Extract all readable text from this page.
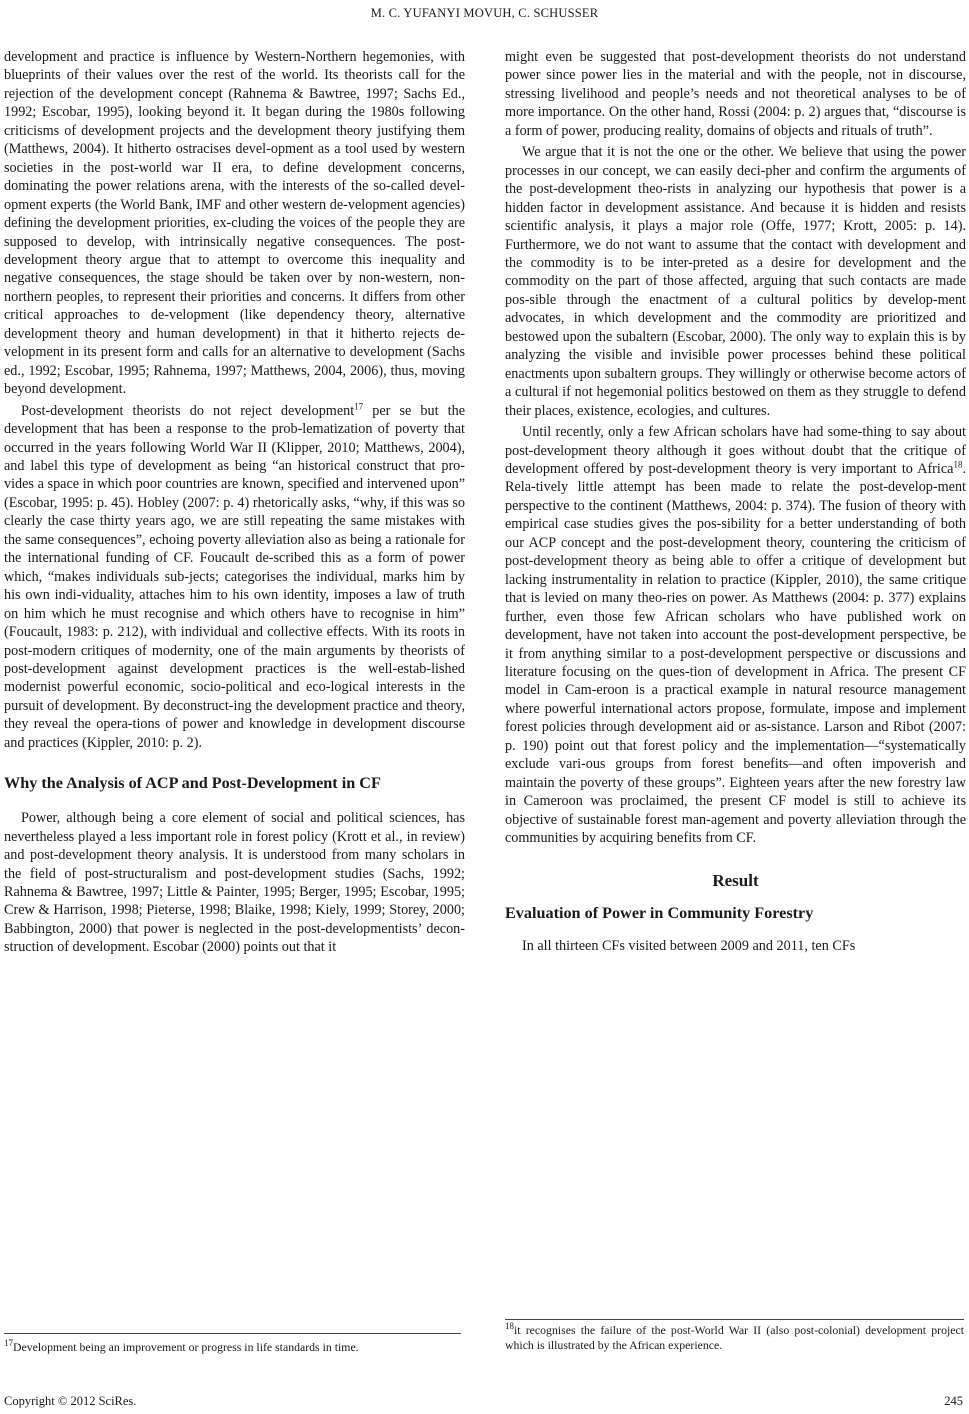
M. C. YUFANYI MOVUH, C. SCHUSSER

development and practice is influence by Western-Northern hegemonies, with blueprints of their values over the rest of the world. Its theorists call for the rejection of the development concept (Rahnema & Bawtree, 1997; Sachs Ed., 1992; Escobar, 1995), looking beyond it. It began during the 1980s following criticisms of development projects and the development theory justifying them (Matthews, 2004). It hitherto ostracises devel-opment as a tool used by western societies in the post-world war II era, to define development concerns, dominating the power relations arena, with the interests of the so-called devel-opment experts (the World Bank, IMF and other western de-velopment agencies) defining the development priorities, ex-cluding the voices of the people they are supposed to develop, with intrinsically negative consequences. The post-development theory argue that to attempt to overcome this inequality and negative consequences, the stage should be taken over by non-western, non-northern peoples, to represent their priorities and concerns. It differs from other critical approaches to de-velopment (like dependency theory, alternative development theory and human development) in that it hitherto rejects de-velopment in its present form and calls for an alternative to development (Sachs ed., 1992; Escobar, 1995; Rahnema, 1997; Matthews, 2004, 2006), thus, moving beyond development.

Post-development theorists do not reject development$^{17}$ per se but the development that has been a response to the prob-lematization of poverty that occurred in the years following World War II (Klipper, 2010; Matthews, 2004), and label this type of development as being “an historical construct that pro-vides a space in which poor countries are known, specified and intervened upon” (Escobar, 1995: p. 45). Hobley (2007: p. 4) rhetorically asks, “why, if this was so clearly the case thirty years ago, we are still repeating the same mistakes with the same consequences”, echoing poverty alleviation also as being a rationale for the international funding of CF. Foucault de-scribed this as a form of power which, “makes individuals sub-jects; categorises the individual, marks him by his own indi-viduality, attaches him to his own identity, imposes a law of truth on him which he must recognise and which others have to recognise in him” (Foucault, 1983: p. 212), with individual and collective effects. With its roots in post-modern critiques of modernity, one of the main arguments by theorists of post-development against development practices is the well-estab-lished modernist powerful economic, socio-political and eco-logical interests in the pursuit of development. By deconstruct-ing the development practice and theory, they reveal the opera-tions of power and knowledge in development discourse and practices (Kippler, 2010: p. 2).

Why the Analysis of ACP and Post-Development in CF

Power, although being a core element of social and political sciences, has nevertheless played a less important role in forest policy (Krott et al., in review) and post-development theory analysis. It is understood from many scholars in the field of post-structuralism and post-development studies (Sachs, 1992; Rahnema & Bawtree, 1997; Little & Painter, 1995; Berger, 1995; Escobar, 1995; Crew & Harrison, 1998; Pieterse, 1998; Blaike, 1998; Kiely, 1999; Storey, 2000; Babbington, 2000) that power is neglected in the post-developmentists’ decon-struction of development. Escobar (2000) points out that it

might even be suggested that post-development theorists do not understand power since power lies in the material and with the people, not in discourse, stressing livelihood and people’s needs and not theoretical analyses to be of more importance. On the other hand, Rossi (2004: p. 2) argues that, “discourse is a form of power, producing reality, domains of objects and rituals of truth”.

We argue that it is not the one or the other. We believe that using the power processes in our concept, we can easily deci-pher and confirm the arguments of the post-development theo-rists in analyzing our hypothesis that power is a hidden factor in development assistance. And because it is hidden and resists scientific analysis, it plays a major role (Offe, 1977; Krott, 2005: p. 14). Furthermore, we do not want to assume that the contact with development and the commodity is to be inter-preted as a desire for development and the commodity on the part of those affected, arguing that such contacts are made pos-sible through the enactment of a cultural politics by develop-ment advocates, in which development and the commodity are prioritized and bestowed upon the subaltern (Escobar, 2000). The only way to explain this is by analyzing the visible and invisible power processes behind these political enactments upon subaltern groups. They willingly or otherwise become actors of a cultural if not hegemonial politics bestowed on them as they struggle to defend their places, existence, ecologies, and cultures.

Until recently, only a few African scholars have had some-thing to say about post-development theory although it goes without doubt that the critique of development offered by post-development theory is very important to Africa$^{18}$. Rela-tively little attempt has been made to relate the post-develop-ment perspective to the continent (Matthews, 2004: p. 374). The fusion of theory with empirical case studies gives the pos-sibility for a better understanding of both our ACP concept and the post-development theory, countering the criticism of post-development theory as being able to offer a critique of development but lacking instrumentality in relation to practice (Kippler, 2010), the same critique that is levied on many theo-ries on power. As Matthews (2004: p. 377) explains further, even those few African scholars who have published work on development, have not taken into account the post-development perspective, be it from anything similar to a post-development perspective or discussions and literature focusing on the ques-tion of development in Africa. The present CF model in Cam-eroon is a practical example in natural resource management where powerful international actors propose, formulate, impose and implement forest policies through development aid or as-sistance. Larson and Ribot (2007: p. 190) point out that forest policy and the implementation―“systematically exclude vari-ous groups from forest benefits―and often impoverish and maintain the poverty of these groups”. Eighteen years after the new forestry law in Cameroon was proclaimed, the present CF model is still to achieve its objective of sustainable forest man-agement and poverty alleviation through the communities by acquiring benefits from CF.

Result
Evaluation of Power in Community Forestry

In all thirteen CFs visited between 2009 and 2011, ten CFs

$^{17}$Development being an improvement or progress in life standards in time.
$^{18}$it recognises the failure of the post-World War II (also post-colonial) development project which is illustrated by the African experience.
Copyright © 2012 SciRes.	245
